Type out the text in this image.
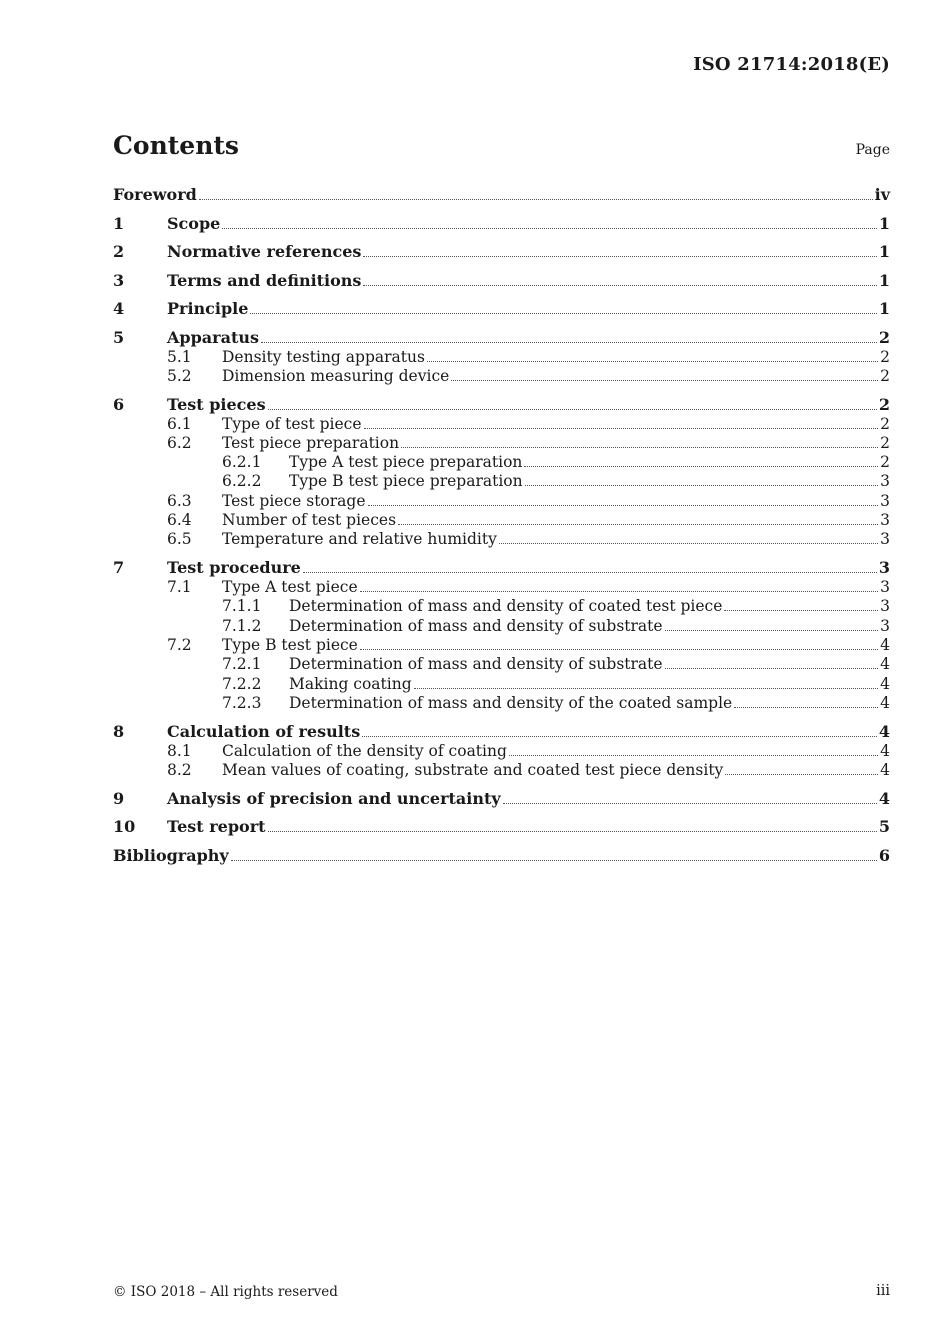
ISO 21714:2018(E)
Contents	Page
Foreword	iv
1	Scope	1
2	Normative references	1
3	Terms and definitions	1
4	Principle	1
5	Apparatus	2
5.1 Density testing apparatus	2
5.2 Dimension measuring device	2
6	Test pieces	2
6.1 Type of test piece	2
6.2 Test piece preparation	2
6.2.1 Type A test piece preparation	2
6.2.2 Type B test piece preparation	3
6.3 Test piece storage	3
6.4 Number of test pieces	3
6.5 Temperature and relative humidity	3
7	Test procedure	3
7.1 Type A test piece	3
7.1.1 Determination of mass and density of coated test piece	3
7.1.2 Determination of mass and density of substrate	3
7.2 Type B test piece	4
7.2.1 Determination of mass and density of substrate	4
7.2.2 Making coating	4
7.2.3 Determination of mass and density of the coated sample	4
8	Calculation of results	4
8.1 Calculation of the density of coating	4
8.2 Mean values of coating, substrate and coated test piece density	4
9	Analysis of precision and uncertainty	4
10 Test report	5
Bibliography	6
© ISO 2018 – All rights reserved	iii
